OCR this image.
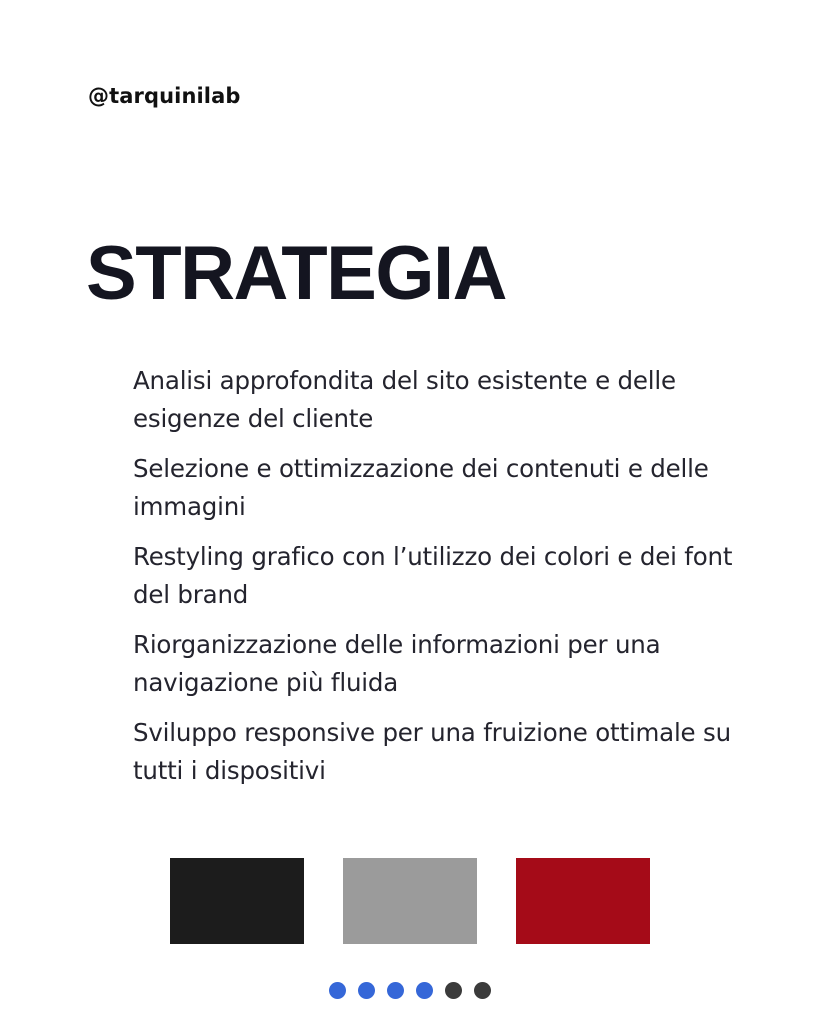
@tarquinilab
STRATEGIA
Analisi approfondita del sito esistente e delle esigenze del cliente
Selezione e ottimizzazione dei contenuti e delle immagini
Restyling grafico con l’utilizzo dei colori e dei font del brand
Riorganizzazione delle informazioni per una navigazione più fluida
Sviluppo responsive per una fruizione ottimale su tutti i dispositivi
